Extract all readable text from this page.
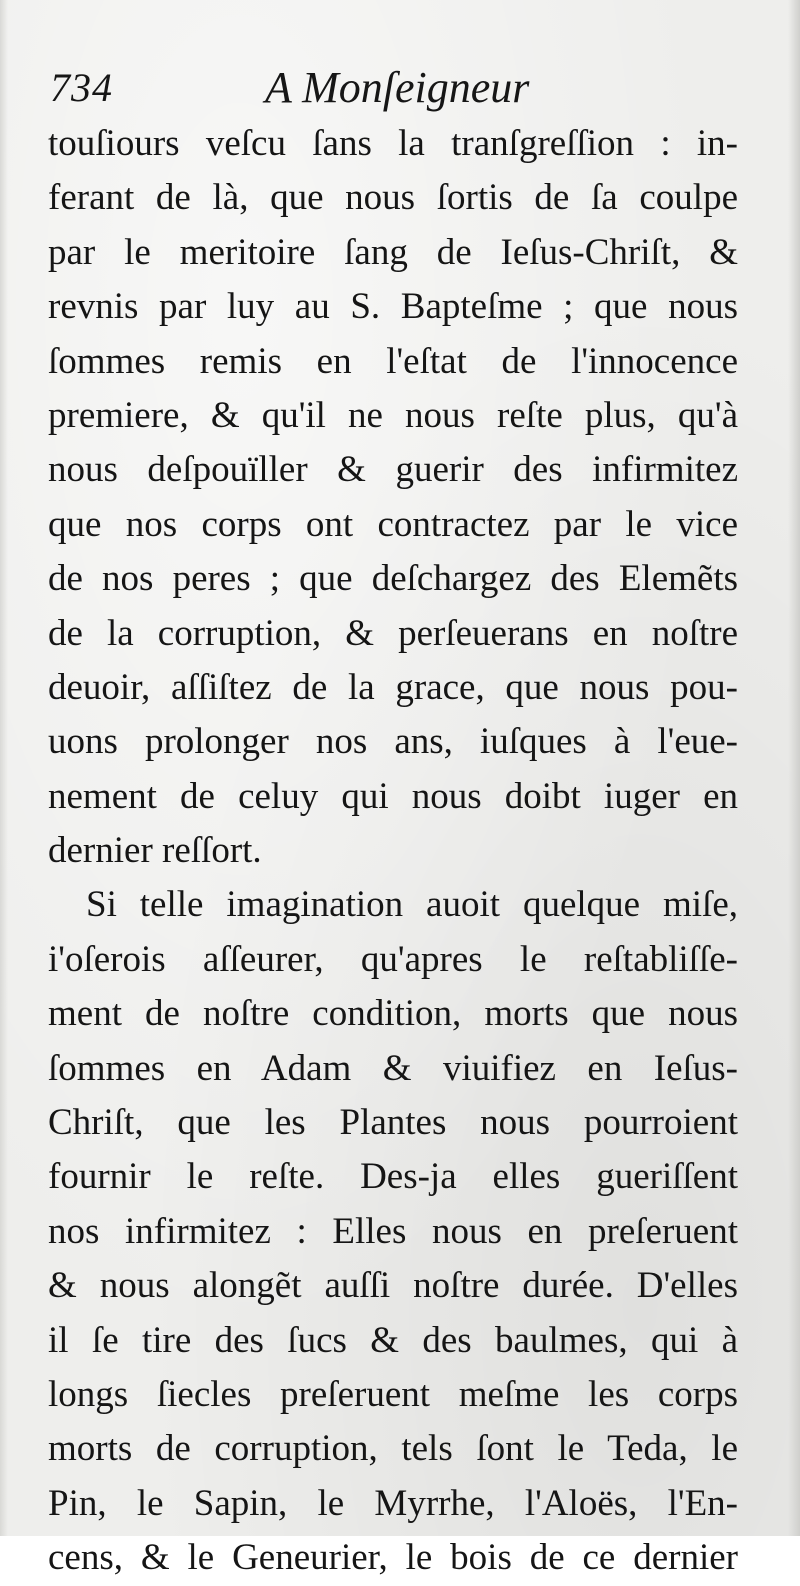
734	A Monſeigneur
touſiours veſcu ſans la tranſgreſſion : in-
ferant de là, que nous ſortis de ſa coulpe
par le meritoire ſang de Ieſus-Chriſt, &
revnis par luy au S. Bapteſme ; que nous
ſommes remis en l'eſtat de l'innocence
premiere, & qu'il ne nous reſte plus, qu'à
nous deſpouïller & guerir des infirmitez
que nos corps ont contractez par le vice
de nos peres ; que deſchargez des Elemẽts
de la corruption, & perſeuerans en noſtre
deuoir, aſſiſtez de la grace, que nous pou-
uons prolonger nos ans, iuſques à l'eue-
nement de celuy qui nous doibt iuger en
dernier reſſort.
Si telle imagination auoit quelque miſe,
i'oſerois aſſeurer, qu'apres le reſtabliſſe-
ment de noſtre condition, morts que nous
ſommes en Adam & viuifiez en Ieſus-
Chriſt, que les Plantes nous pourroient
fournir le reſte. Des-ja elles gueriſſent
nos infirmitez : Elles nous en preſeruent
& nous alongẽt auſſi noſtre durée. D'elles
il ſe tire des ſucs & des baulmes, qui à
longs ſiecles preſeruent meſme les corps
morts de corruption, tels ſont le Teda, le
Pin, le Sapin, le Myrrhe, l'Aloës, l'En-
cens, & le Geneurier, le bois de ce dernier
